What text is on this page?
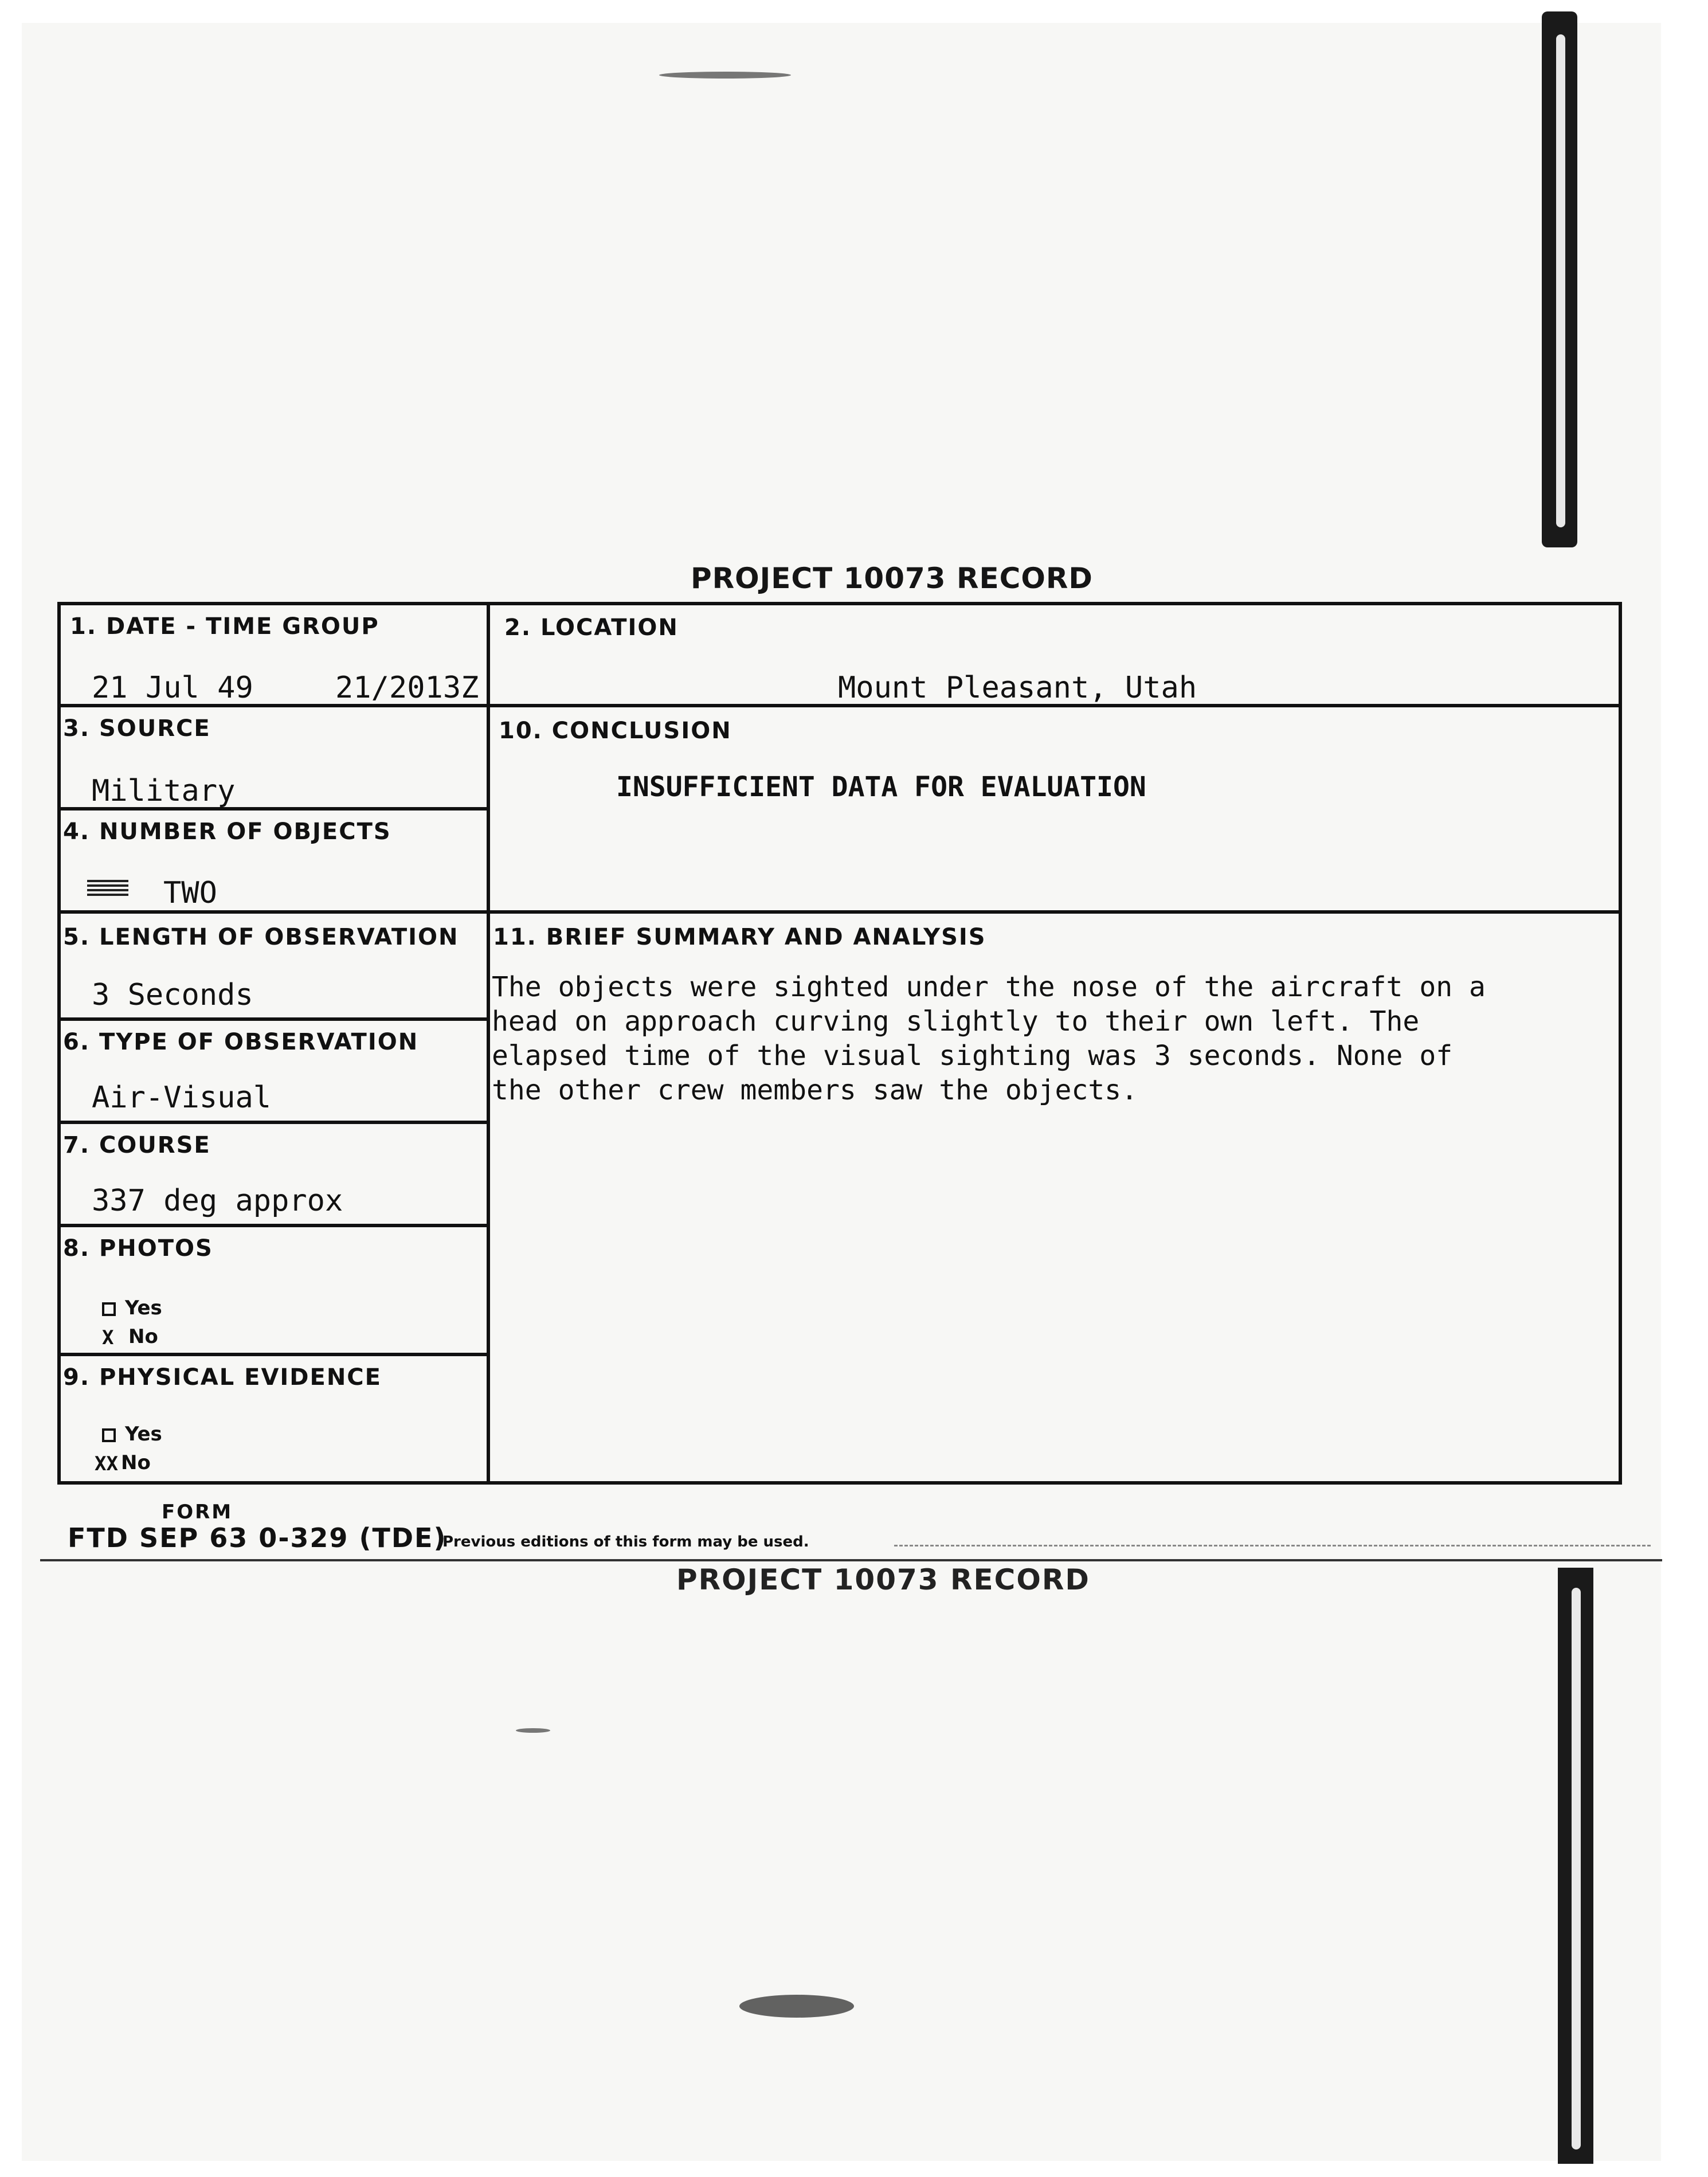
PROJECT 10073 RECORD
1. DATE - TIME GROUP
21 Jul 49	21/2013Z
2. LOCATION
Mount Pleasant, Utah
3. SOURCE
Military
10. CONCLUSION
INSUFFICIENT DATA FOR EVALUATION
4. NUMBER OF OBJECTS
TWO
5. LENGTH OF OBSERVATION
3 Seconds
11. BRIEF SUMMARY AND ANALYSIS
The objects were sighted under the nose of the aircraft on a
head on approach curving slightly to their own left. The
elapsed time of the visual sighting was 3 seconds. None of
the other crew members saw the objects.
6. TYPE OF OBSERVATION
Air-Visual
7. COURSE
337 deg approx
8. PHOTOS
Yes
X No
9. PHYSICAL EVIDENCE
Yes
XX No
FORM
FTD SEP 63 0-329 (TDE)
Previous editions of this form may be used.
